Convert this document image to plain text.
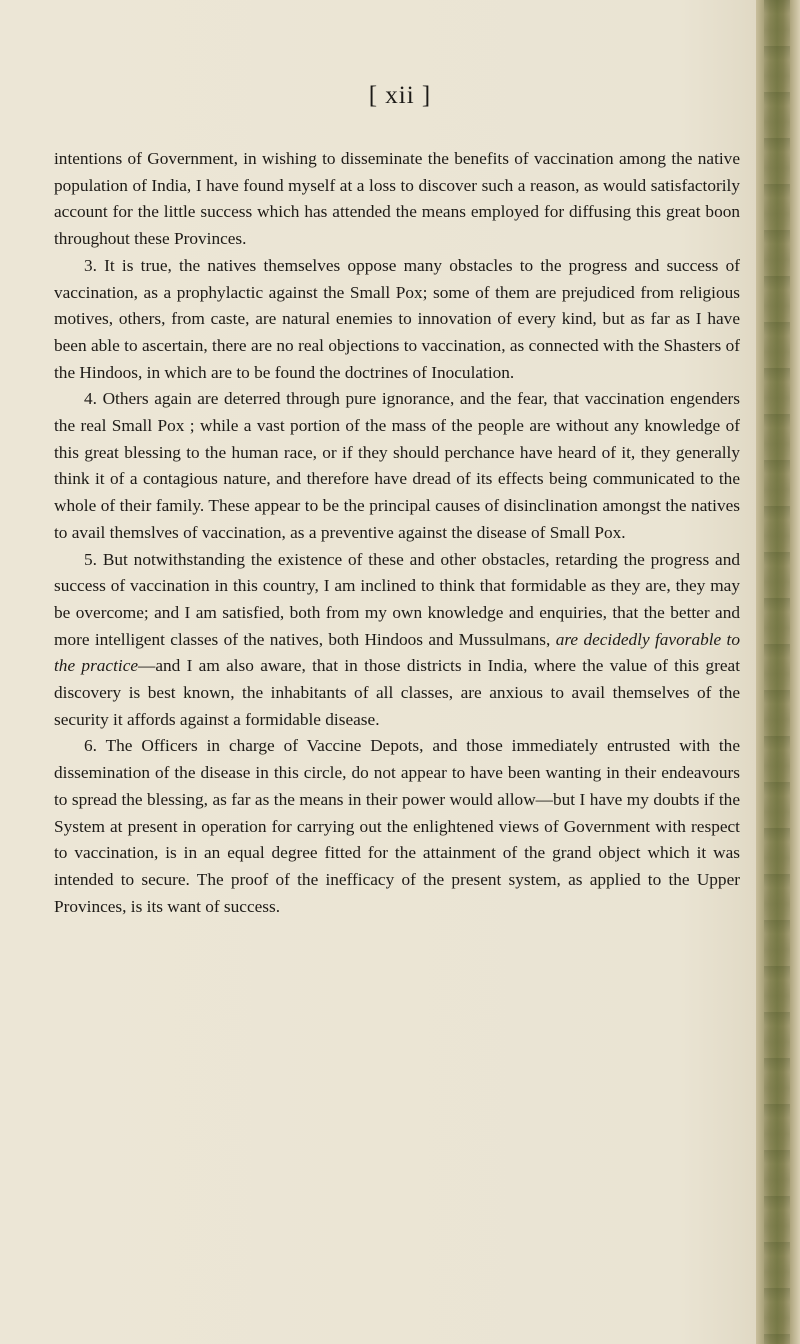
[ xii ]

intentions of Government, in wishing to disseminate the benefits of vaccination among the native population of India, I have found myself at a loss to discover such a reason, as would satisfactorily account for the little success which has attended the means employed for diffusing this great boon throughout these Provinces.

3. It is true, the natives themselves oppose many obstacles to the progress and success of vaccination, as a prophylactic against the Small Pox; some of them are prejudiced from religious motives, others, from caste, are natural enemies to innovation of every kind, but as far as I have been able to ascertain, there are no real objections to vaccination, as connected with the Shasters of the Hindoos, in which are to be found the doctrines of Inoculation.

4. Others again are deterred through pure ignorance, and the fear, that vaccination engenders the real Small Pox ; while a vast portion of the mass of the people are without any knowledge of this great blessing to the human race, or if they should perchance have heard of it, they generally think it of a contagious nature, and therefore have dread of its effects being communicated to the whole of their family. These appear to be the principal causes of disinclination amongst the natives to avail themslves of vaccination, as a preventive against the disease of Small Pox.

5. But notwithstanding the existence of these and other obstacles, retarding the progress and success of vaccination in this country, I am inclined to think that formidable as they are, they may be overcome; and I am satisfied, both from my own knowledge and enquiries, that the better and more intelligent classes of the natives, both Hindoos and Mussulmans, are decidedly favorable to the practice—and I am also aware, that in those districts in India, where the value of this great discovery is best known, the inhabitants of all classes, are anxious to avail themselves of the security it affords against a formidable disease.

6. The Officers in charge of Vaccine Depots, and those immediately entrusted with the dissemination of the disease in this circle, do not appear to have been wanting in their endeavours to spread the blessing, as far as the means in their power would allow—but I have my doubts if the System at present in operation for carrying out the enlightened views of Government with respect to vaccination, is in an equal degree fitted for the attainment of the grand object which it was intended to secure. The proof of the inefficacy of the present system, as applied to the Upper Provinces, is its want of success.
